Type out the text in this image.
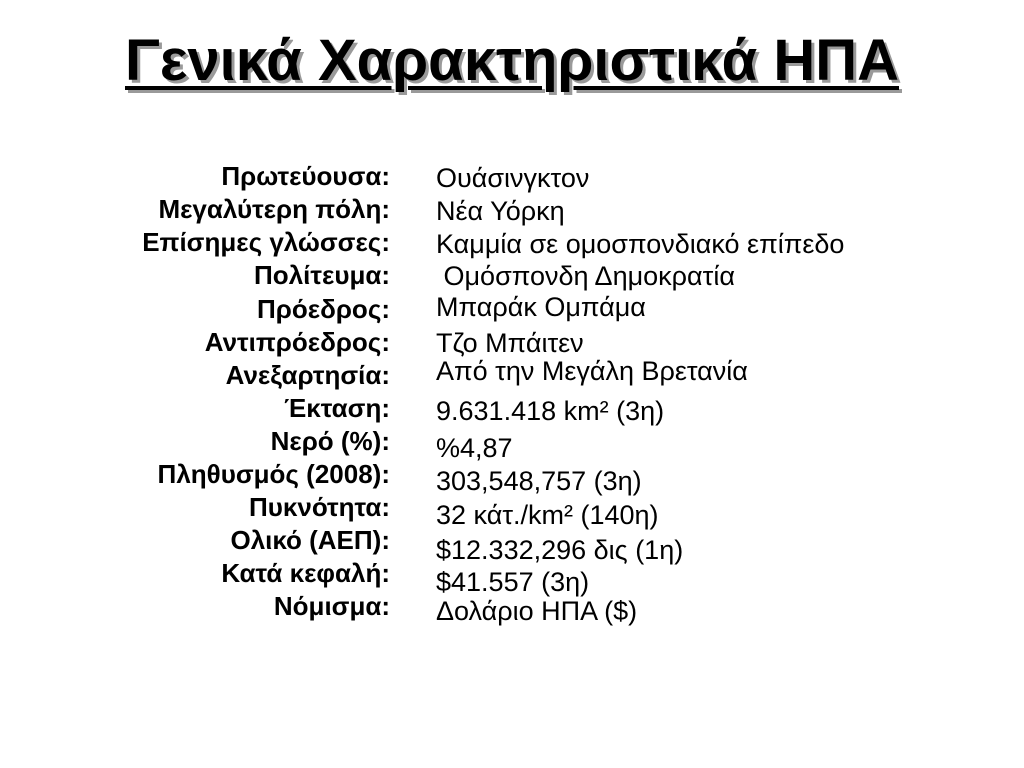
Γενικά Χαρακτηριστικά ΗΠΑ
Πρωτεύουσα:
Μεγαλύτερη πόλη:
Επίσημες γλώσσες:
Πολίτευμα:
Πρόεδρος:
Αντιπρόεδρος:
Ανεξαρτησία:
Έκταση:
Νερό (%):
Πληθυσμός (2008):
Πυκνότητα:
Ολικό (ΑΕΠ):
Κατά κεφαλή:
Νόμισμα:
Ουάσινγκτον
Νέα Υόρκη
Καμμία σε ομοσπονδιακό επίπεδο
Ομόσπονδη Δημοκρατία
Μπαράκ Ομπάμα
Τζο Μπάιτεν
Από την Μεγάλη Βρετανία
9.631.418 km² (3η)
%4,87
303,548,757 (3η)
32 κάτ./km² (140η)
$12.332,296 δις (1η)
$41.557 (3η)
Δολάριο ΗΠΑ ($)
